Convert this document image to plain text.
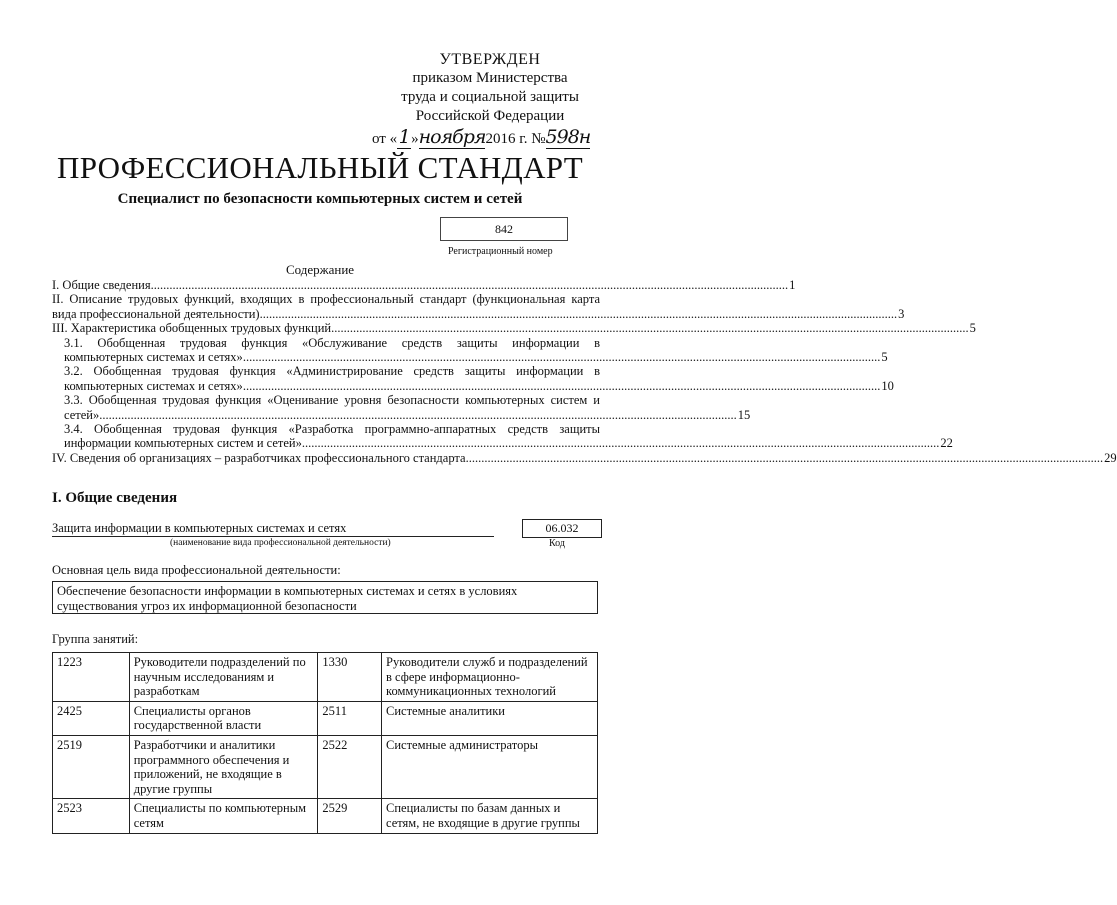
УТВЕРЖДЕН
приказом Министерства
труда и социальной защиты
Российской Федерации
от «1»ноября2016 г. №598н
ПРОФЕССИОНАЛЬНЫЙ СТАНДАРТ
Специалист по безопасности компьютерных систем и сетей
842
Регистрационный номер
Содержание
I. Общие сведения ............................................................................................................................................................................................................ 1
II. Описание трудовых функций, входящих в профессиональный стандарт (функциональная карта
вида профессиональной деятельности) ............................................................................................................................................................................................................ 3
III. Характеристика обобщенных трудовых функций ............................................................................................................................................................................................................ 5
3.1. Обобщенная трудовая функция «Обслуживание средств защиты информации в
компьютерных системах и сетях» ............................................................................................................................................................................................................ 5
3.2. Обобщенная трудовая функция «Администрирование средств защиты информации в
компьютерных системах и сетях» ............................................................................................................................................................................................................ 10
3.3. Обобщенная трудовая функция «Оценивание уровня безопасности компьютерных систем и
сетей» ............................................................................................................................................................................................................ 15
3.4. Обобщенная трудовая функция «Разработка программно-аппаратных средств защиты
информации компьютерных систем и сетей» ............................................................................................................................................................................................................ 22
IV. Сведения об организациях – разработчиках профессионального стандарта ............................................................................................................................................................................................................ 29
I. Общие сведения
Защита информации в компьютерных системах и сетях
(наименование вида профессиональной деятельности)
06.032
Код
Основная цель вида профессиональной деятельности:
Обеспечение безопасности информации в компьютерных системах и сетях в условиях
существования угроз их информационной безопасности
Группа занятий:
1223	Руководители подразделений по научным исследованиям и разработкам	1330	Руководители служб и подразделений в сфере информационно-коммуникационных технологий
2425	Специалисты органов государственной власти	2511	Системные аналитики
2519	Разработчики и аналитики программного обеспечения и приложений, не входящие в другие группы	2522	Системные администраторы
2523	Специалисты по компьютерным сетям	2529	Специалисты по базам данных и сетям, не входящие в другие группы
